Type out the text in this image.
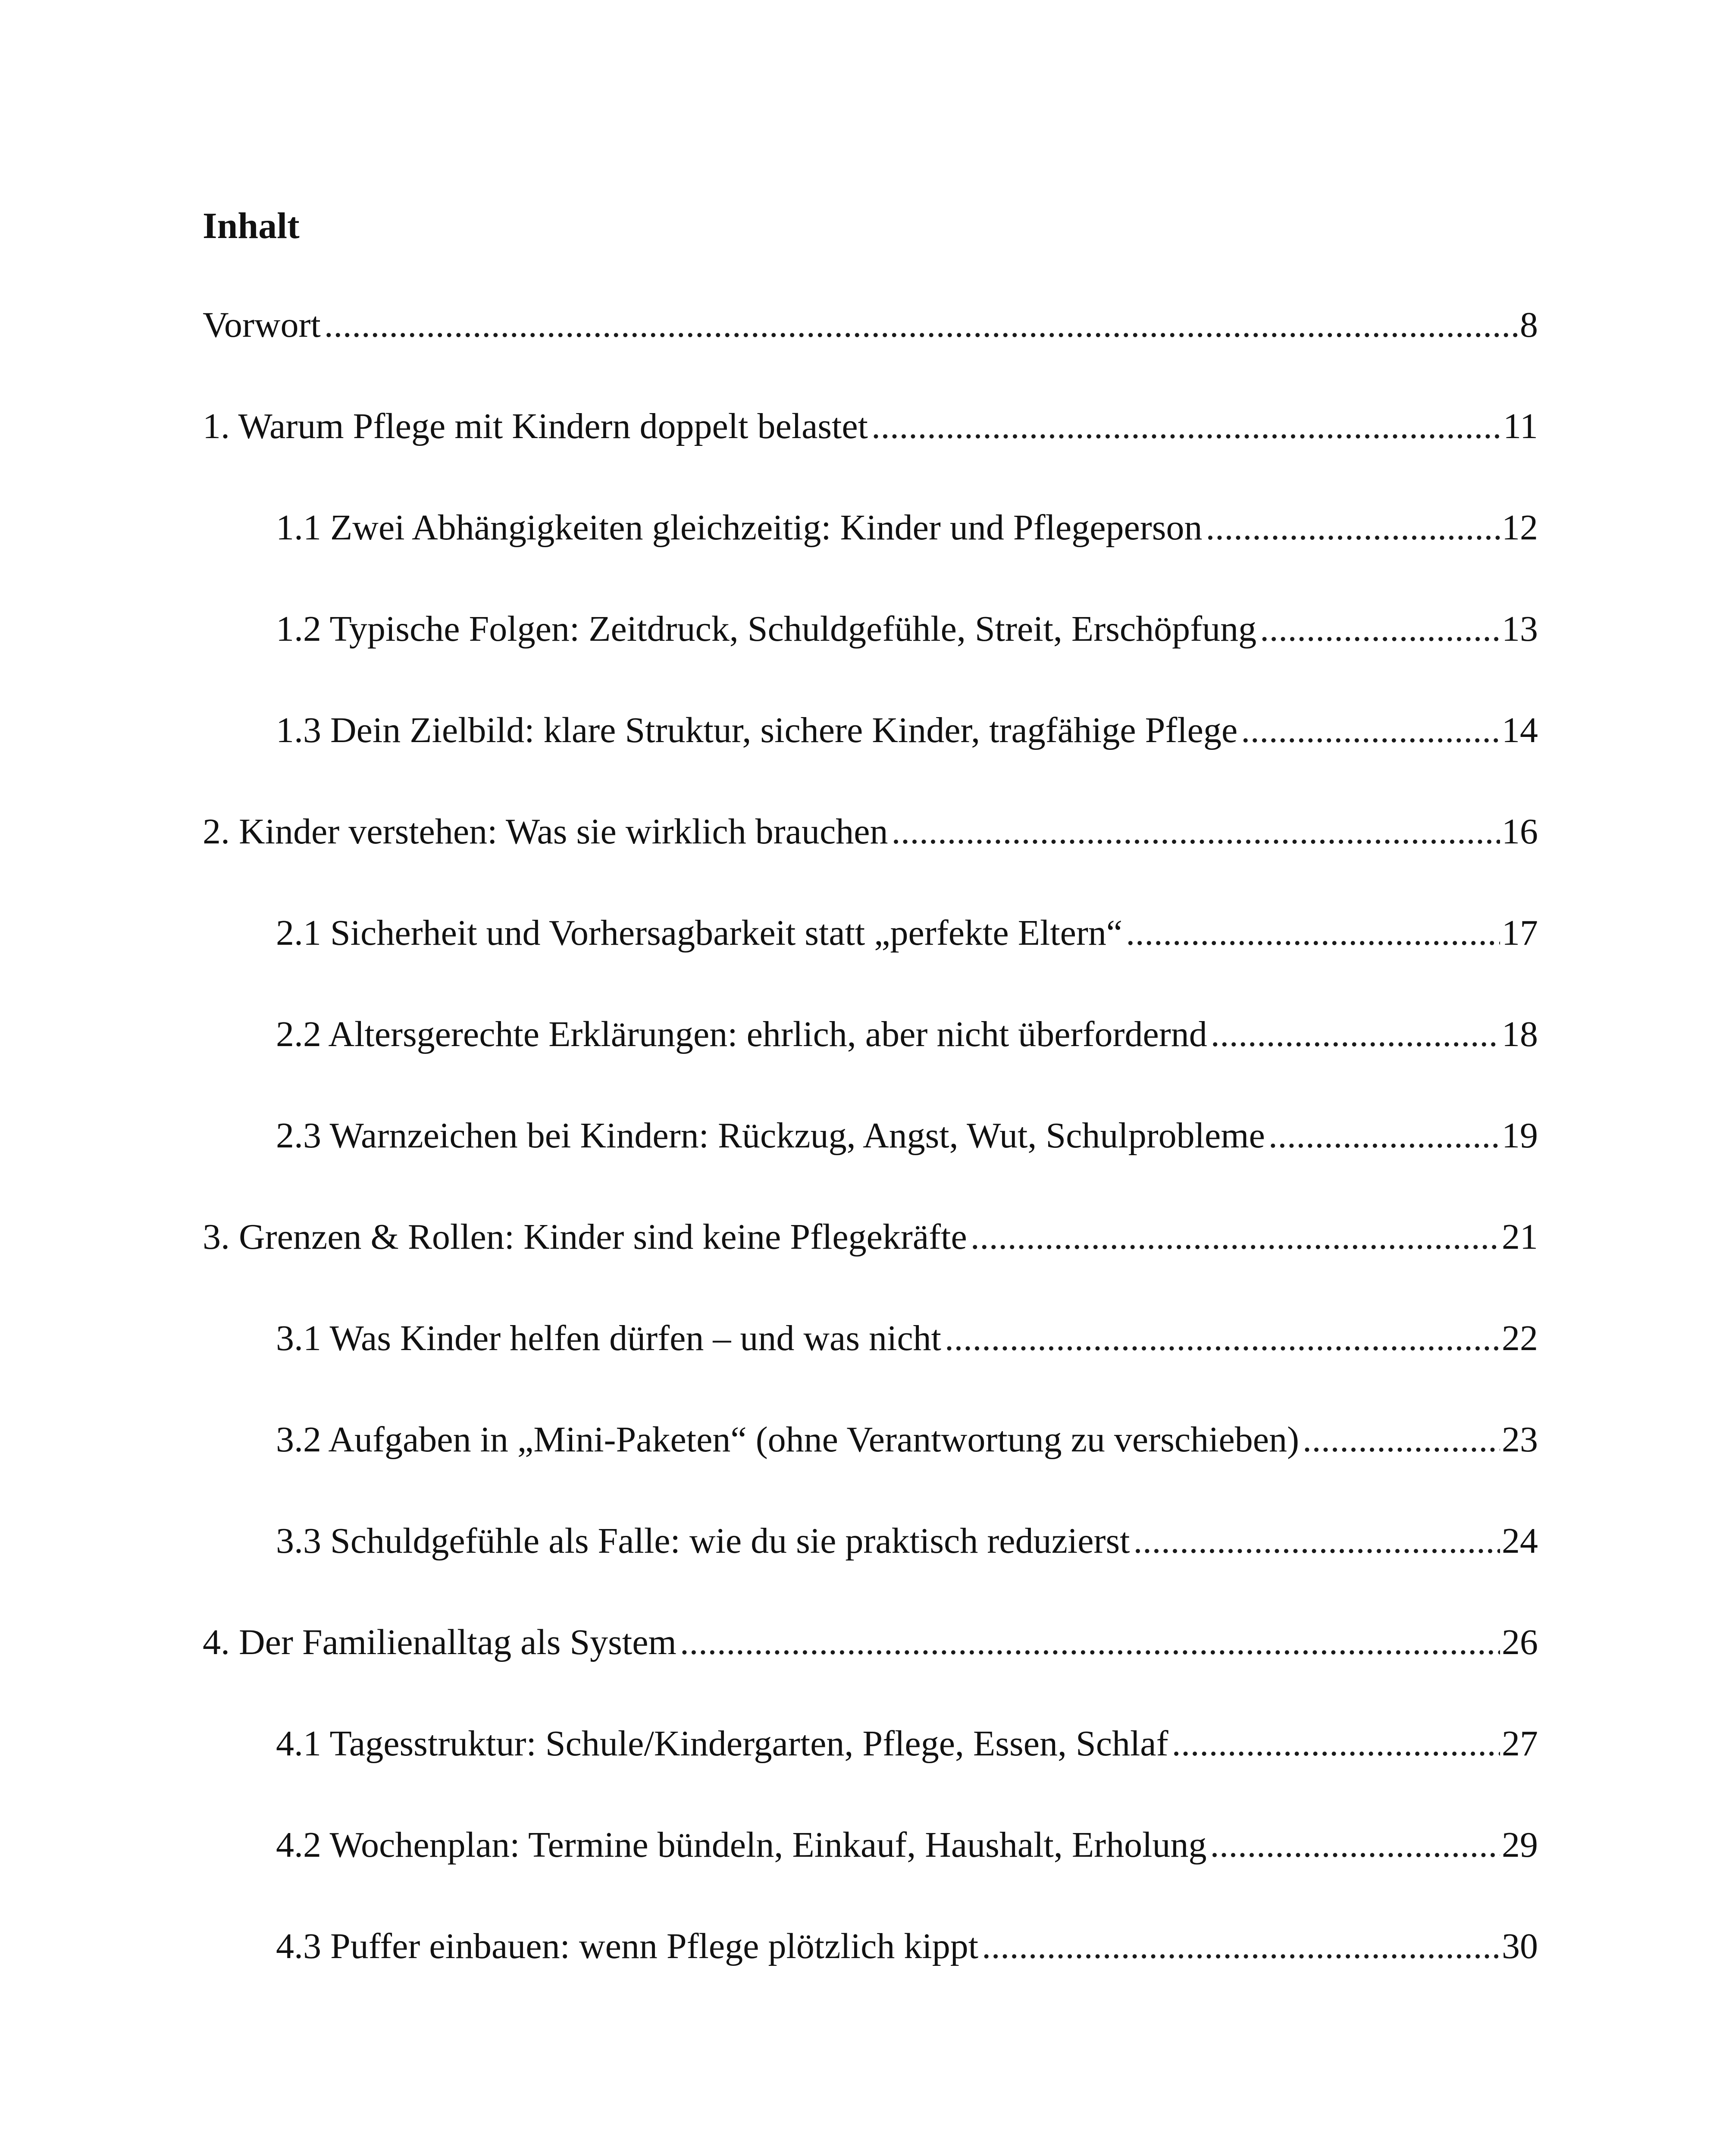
Inhalt
Vorwort .....	8
1. Warum Pflege mit Kindern doppelt belastet .....	11
1.1 Zwei Abhängigkeiten gleichzeitig: Kinder und Pflegeperson .....	12
1.2 Typische Folgen: Zeitdruck, Schuldgefühle, Streit, Erschöpfung .....	13
1.3 Dein Zielbild: klare Struktur, sichere Kinder, tragfähige Pflege .....	14
2. Kinder verstehen: Was sie wirklich brauchen .....	16
2.1 Sicherheit und Vorhersagbarkeit statt „perfekte Eltern“ .....	17
2.2 Altersgerechte Erklärungen: ehrlich, aber nicht überfordernd .....	18
2.3 Warnzeichen bei Kindern: Rückzug, Angst, Wut, Schulprobleme .....	19
3. Grenzen & Rollen: Kinder sind keine Pflegekräfte .....	21
3.1 Was Kinder helfen dürfen – und was nicht .....	22
3.2 Aufgaben in „Mini-Paketen“ (ohne Verantwortung zu verschieben) .....	23
3.3 Schuldgefühle als Falle: wie du sie praktisch reduzierst .....	24
4. Der Familienalltag als System .....	26
4.1 Tagesstruktur: Schule/Kindergarten, Pflege, Essen, Schlaf .....	27
4.2 Wochenplan: Termine bündeln, Einkauf, Haushalt, Erholung .....	29
4.3 Puffer einbauen: wenn Pflege plötzlich kippt .....	30
